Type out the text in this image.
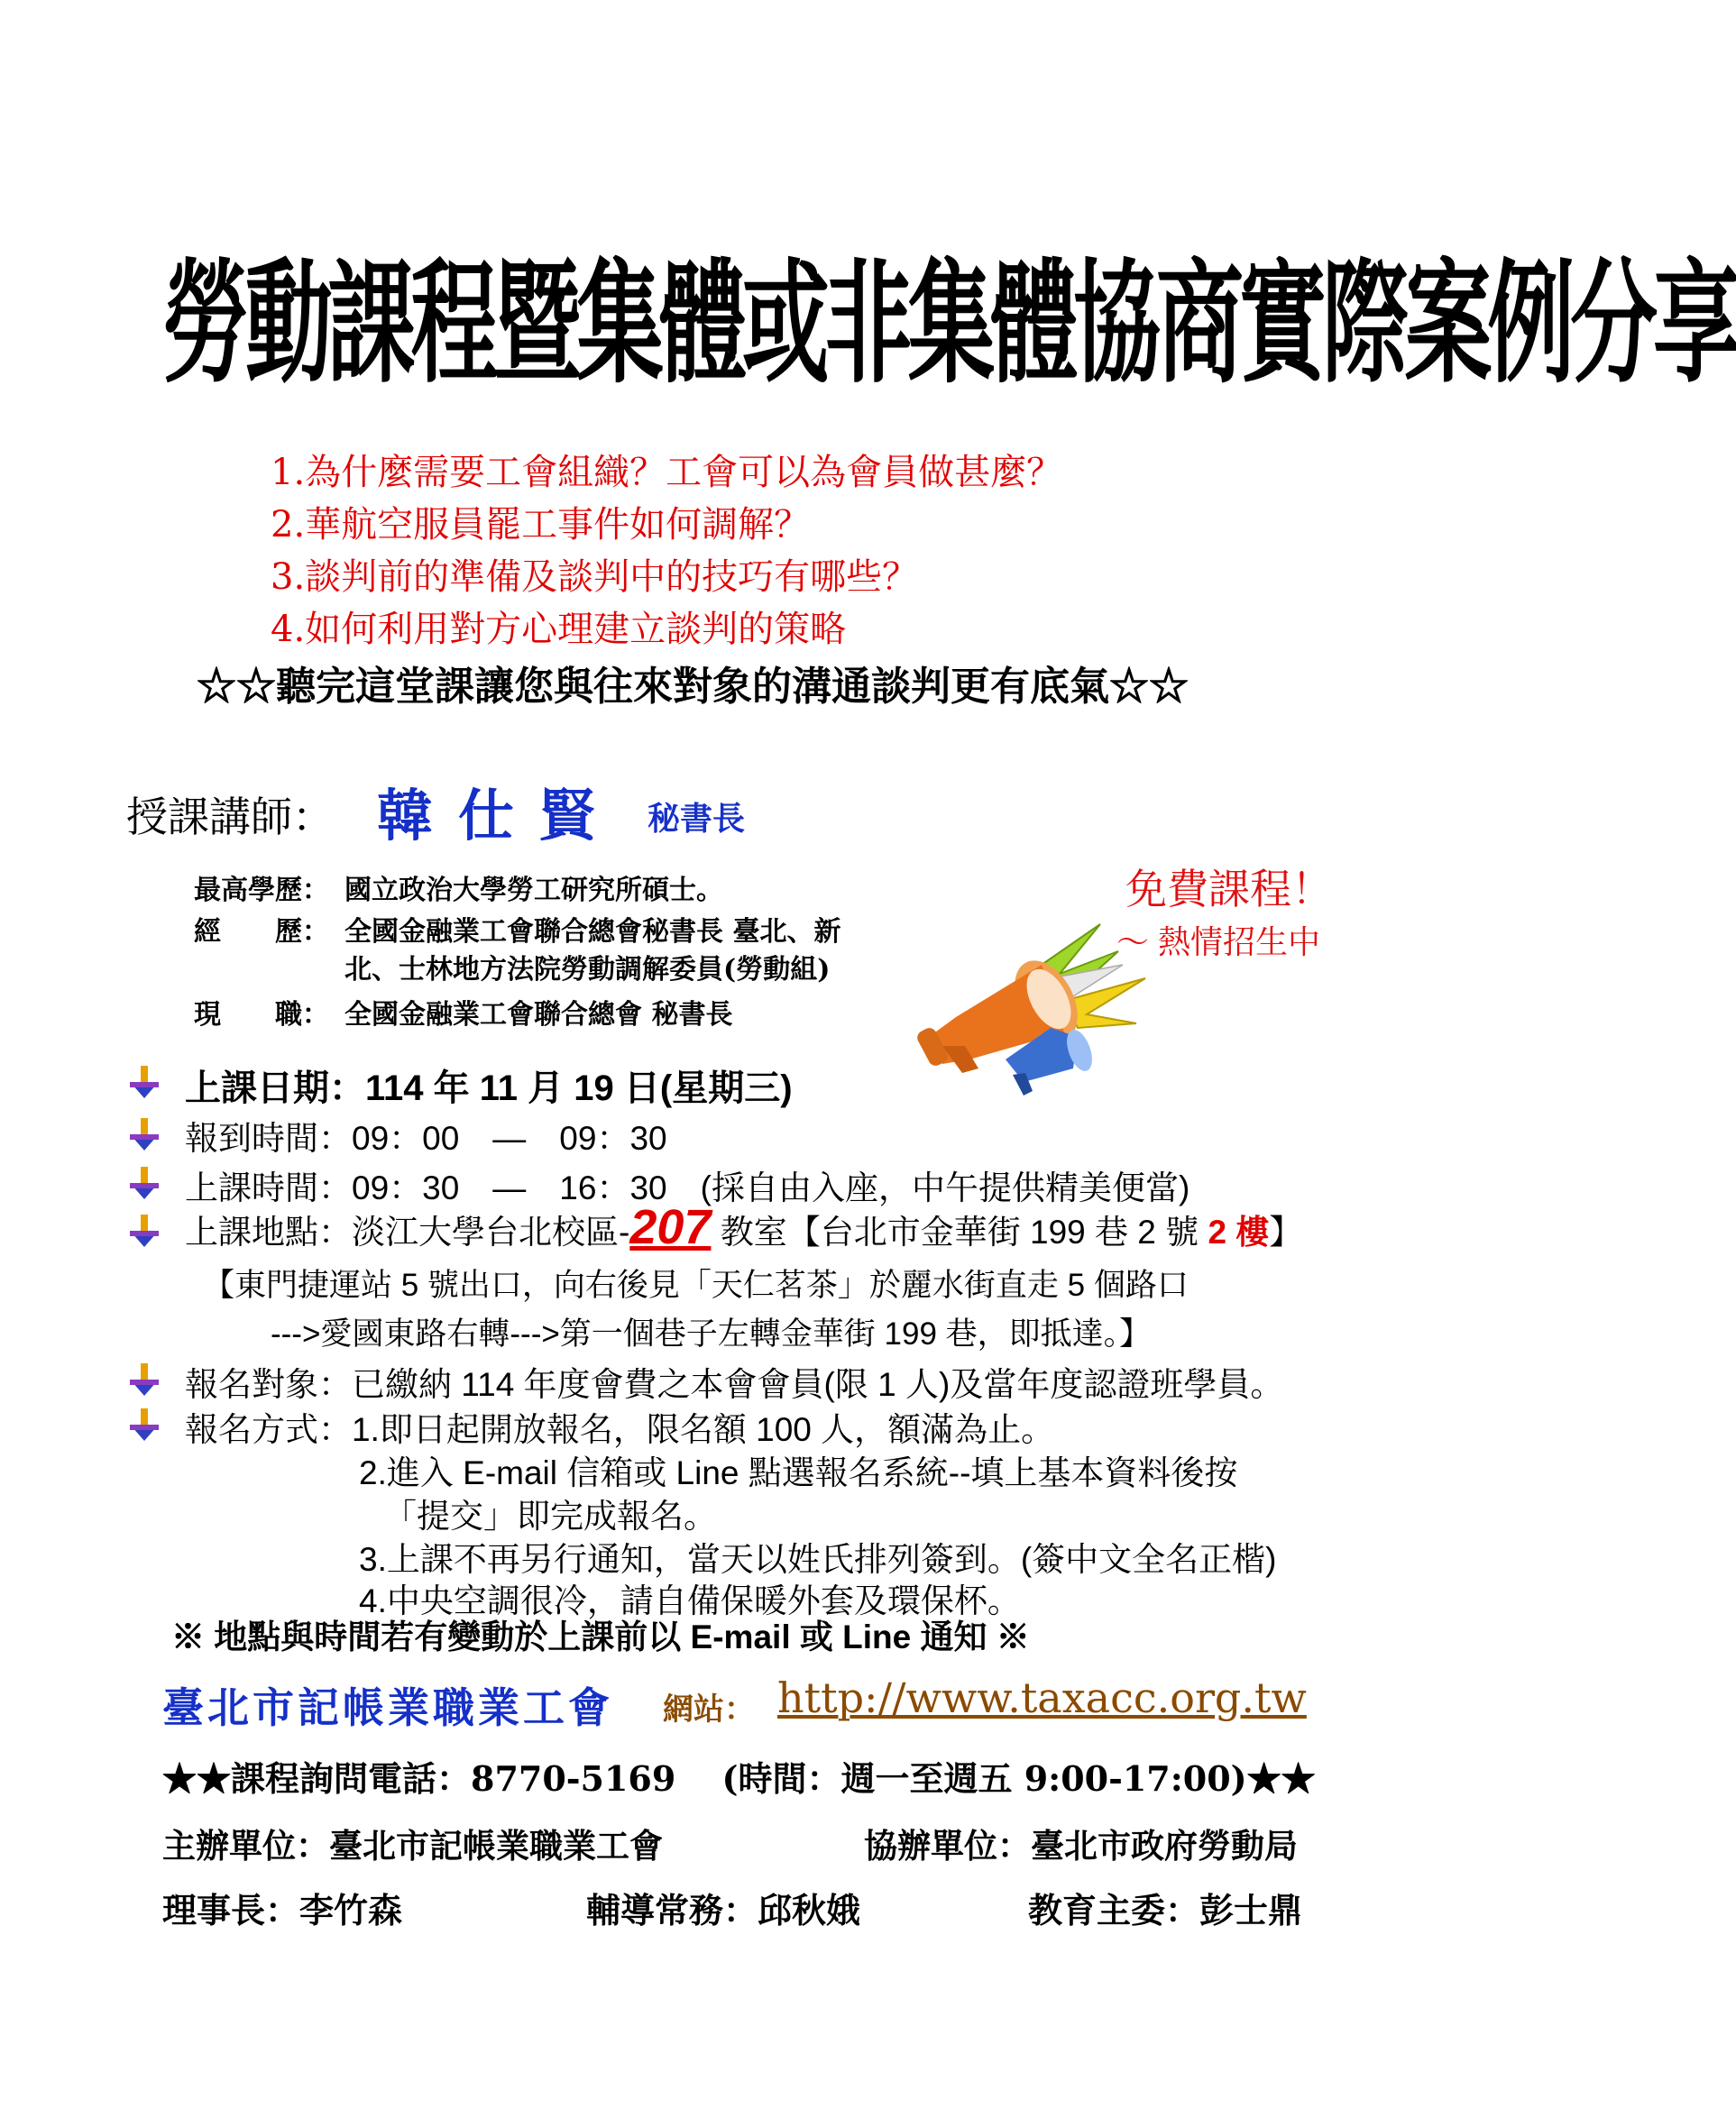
勞動課程暨集體或非集體協商實際案例分享
1.為什麼需要工會組織？工會可以為會員做甚麼？
2.華航空服員罷工事件如何調解？
3.談判前的準備及談判中的技巧有哪些？
4.如何利用對方心理建立談判的策略
☆☆聽完這堂課讓您與往來對象的溝通談判更有底氣☆☆
授課講師： 韓仕賢 秘書長
最高學歷： 國立政治大學勞工研究所碩士。
經　　歷： 全國金融業工會聯合總會秘書長 臺北、新
北、士林地方法院勞動調解委員(勞動組)
現　　職： 全國金融業工會聯合總會 秘書長
免費課程！
～ 熱情招生中
上課日期：114 年 11 月 19 日(星期三)
報到時間：09：00　—　09：30
上課時間：09：30　—　16：30　(採自由入座，中午提供精美便當)
上課地點：淡江大學台北校區-207 教室【台北市金華街 199 巷 2 號 2 樓】
【東門捷運站 5 號出口，向右後見「天仁茗茶」於麗水街直走 5 個路口
--->愛國東路右轉--->第一個巷子左轉金華街 199 巷，即抵達。】
報名對象：已繳納 114 年度會費之本會會員(限 1 人)及當年度認證班學員。
報名方式：1.即日起開放報名，限名額 100 人，額滿為止。
2.進入 E-mail 信箱或 Line 點選報名系統--填上基本資料後按
「提交」即完成報名。
3.上課不再另行通知，當天以姓氏排列簽到。(簽中文全名正楷)
4.中央空調很冷，請自備保暖外套及環保杯。
※ 地點與時間若有變動於上課前以 E-mail 或 Line 通知 ※
臺北市記帳業職業工會 網站： http://www.taxacc.org.tw
★★課程詢問電話：8770-5169　 (時間：週一至週五 9:00-17:00)★★
主辦單位：臺北市記帳業職業工會	協辦單位：臺北市政府勞動局
理事長：李竹森	輔導常務：邱秋娥	教育主委：彭士鼎
